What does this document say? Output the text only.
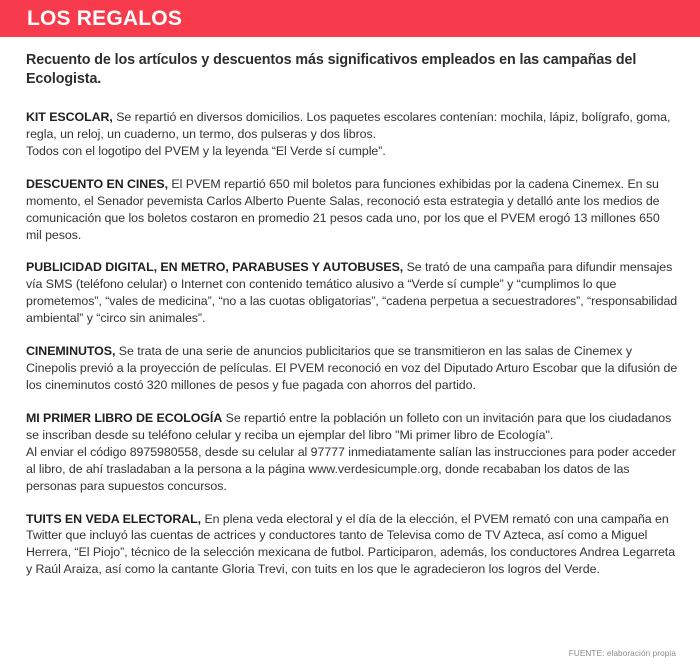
LOS REGALOS
Recuento de los artículos y descuentos más significativos empleados en las campañas del Ecologista.

KIT ESCOLAR, Se repartió en diversos domicilios. Los paquetes escolares contenían: mochila, lápiz, bolígrafo, goma, regla, un reloj, un cuaderno, un termo, dos pulseras y dos libros.

Todos con el logotipo del PVEM y la leyenda “El Verde sí cumple”.

DESCUENTO EN CINES, El PVEM repartió 650 mil boletos para funciones exhibidas por la cadena Cinemex. En su momento, el Senador pevemista Carlos Alberto Puente Salas, reconoció esta estrategia y detalló ante los medios de comunicación que los boletos costaron en promedio 21 pesos cada uno, por los que el PVEM erogó 13 millones 650 mil pesos.

PUBLICIDAD DIGITAL, EN METRO, PARABUSES Y AUTOBUSES, Se trató de una campaña para difundir mensajes vía SMS (teléfono celular) o Internet con contenido temático alusivo a “Verde sí cumple” y “cumplimos lo que prometemos”, “vales de medicina”, “no a las cuotas obligatorias”, “cadena perpetua a secuestradores”, “responsabilidad ambiental” y “circo sin animales”.

CINEMINUTOS, Se trata de una serie de anuncios publicitarios que se transmitieron en las salas de Cinemex y Cinepolis previó a la proyección de películas. El PVEM reconoció en voz del Diputado Arturo Escobar que la difusión de los cineminutos costó 320 millones de pesos y fue pagada con ahorros del partido.

MI PRIMER LIBRO DE ECOLOGÍA Se repartió entre la población un folleto con un invitación para que los ciudadanos se inscriban desde su teléfono celular y reciba un ejemplar del libro "Mi primer libro de Ecología".

Al enviar el código 8975980558, desde su celular al 97777 inmediatamente salían las instrucciones para poder acceder al libro, de ahí trasladaban a la persona a la página www.verdesicumple.org, donde recababan los datos de las personas para supuestos concursos.

TUITS EN VEDA ELECTORAL, En plena veda electoral y el día de la elección, el PVEM remató con una campaña en Twitter que incluyó las cuentas de actrices y conductores tanto de Televisa como de TV Azteca, así como a Miguel Herrera, “El Piojo”, técnico de la selección mexicana de futbol. Participaron, además, los conductores Andrea Legarreta y Raúl Araiza, así como la cantante Gloria Trevi, con tuits en los que le agradecieron los logros del Verde.

FUENTE: elaboración propia
